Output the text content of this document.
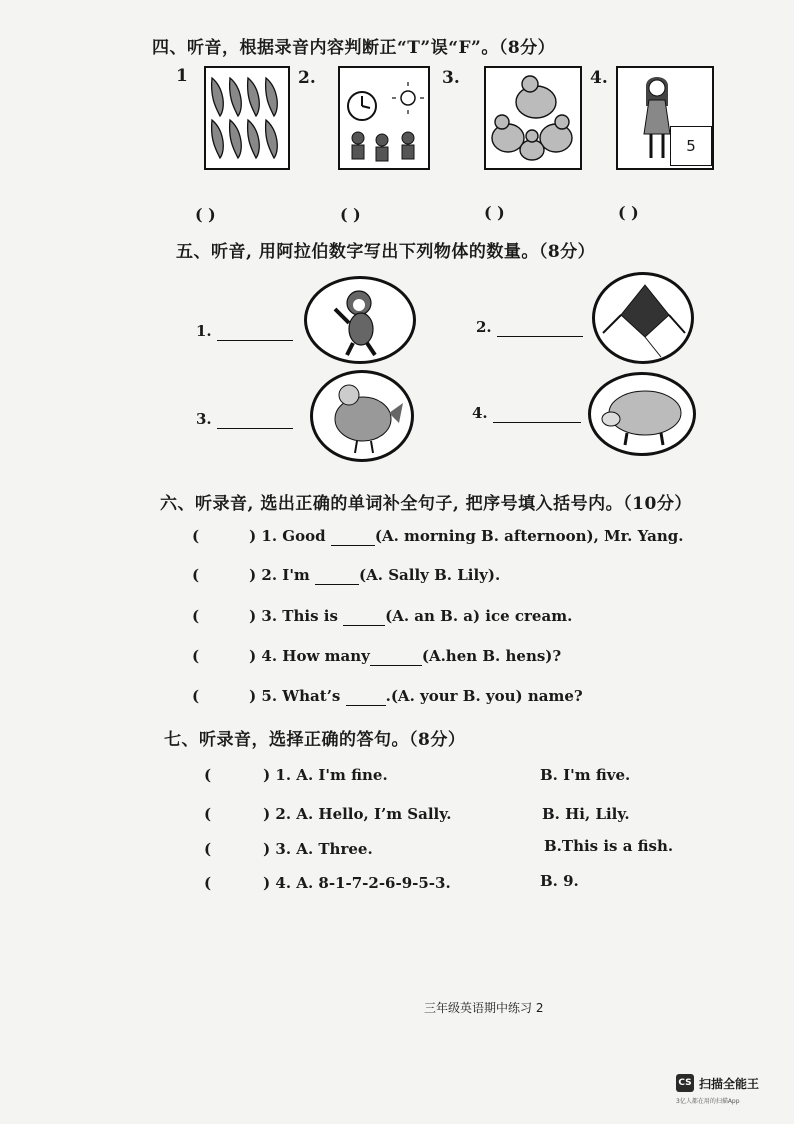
四、听音，根据录音内容判断正“T”误“F”。（8分）
1	2.	3.	4.
5
( )	( )	( )	( )
五、听音, 用阿拉伯数字写出下列物体的数量。（8分）
1.	2.
3.	4.
六、听录音, 选出正确的单词补全句子, 把序号填入括号内。（10分）
(	) 1. Good	(A. morning B. afternoon), Mr. Yang.
(	) 2. I'm	(A. Sally B. Lily).
(	) 3. This is	(A. an B. a) ice cream.
(	) 4. How many	(A.hen B. hens)?
(	) 5. What’s	.(A. your B. you) name?
七、听录音，选择正确的答句。（8分）
(	) 1. A. I'm fine.	B. I'm five.
(	) 2. A. Hello, I’m Sally.	B. Hi, Lily.
(	) 3. A. Three.	B.This is a fish.
(	) 4. A. 8-1-7-2-6-9-5-3.	B. 9.
三年级英语期中练习 2
CS 扫描全能王
3亿人都在用的扫描App
